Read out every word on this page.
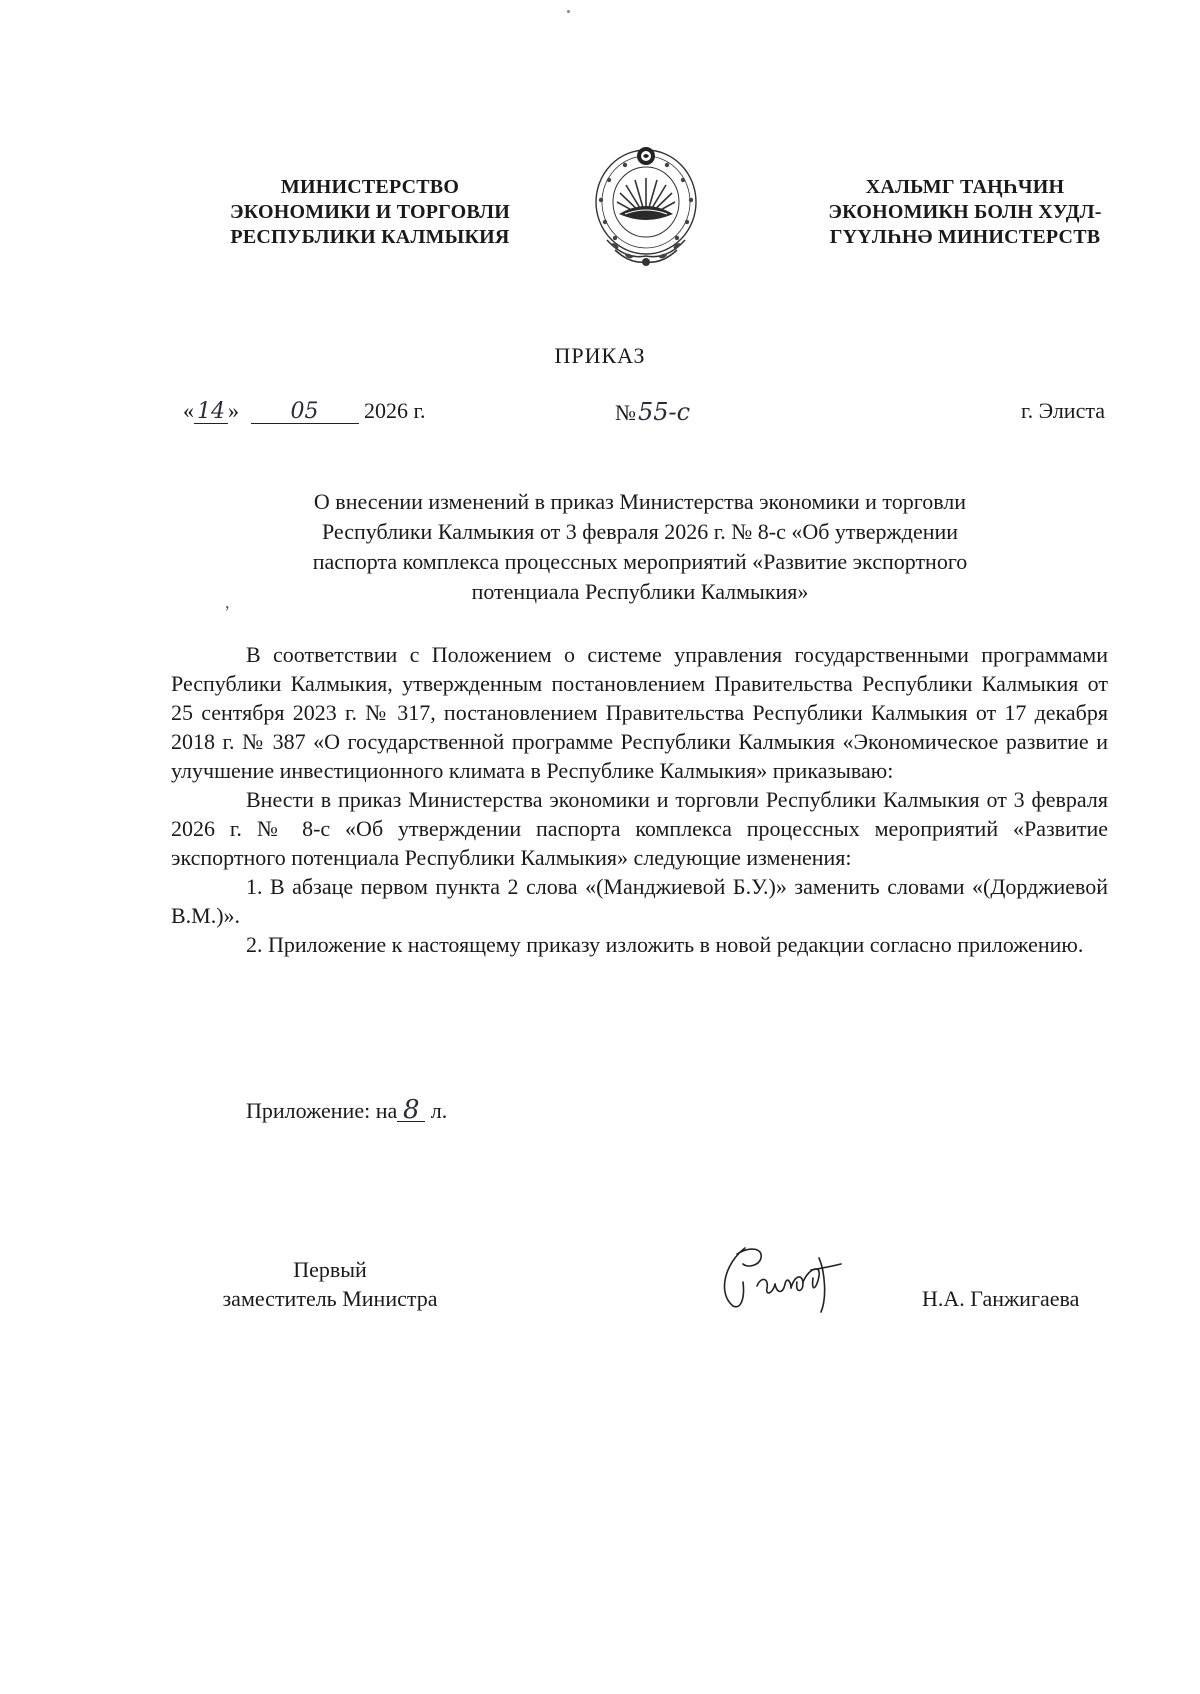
МИНИСТЕРСТВО
ЭКОНОМИКИ И ТОРГОВЛИ
РЕСПУБЛИКИ КАЛМЫКИЯ
ХАЛЬМГ ТАҢҺЧИН
ЭКОНОМИКН БОЛН ХУДЛ-
ГҮҮЛҺНӘ МИНИСТЕРСТВ
ПРИКАЗ
« 14 » 05 2026 г.	№55-с	г. Элиста
О внесении изменений в приказ Министерства экономики и торговли
Республики Калмыкия от 3 февраля 2026 г. № 8-с «Об утверждении
паспорта комплекса процессных мероприятий «Развитие экспортного
потенциала Республики Калмыкия»
,

В соответствии с Положением о системе управления государственными программами Республики Калмыкия, утвержденным постановлением Правительства Республики Калмыкия от 25 сентября 2023 г. № 317, постановлением Правительства Республики Калмыкия от 17 декабря 2018 г. № 387 «О государственной программе Республики Калмыкия «Экономическое развитие и улучшение инвестиционного климата в Республике Калмыкия» приказываю:

Внести в приказ Министерства экономики и торговли Республики Калмыкия от 3 февраля 2026 г. № 8-с «Об утверждении паспорта комплекса процессных мероприятий «Развитие экспортного потенциала Республики Калмыкия» следующие изменения:

1. В абзаце первом пункта 2 слова «(Манджиевой Б.У.)» заменить словами «(Дорджиевой В.М.)».

2. Приложение к настоящему приказу изложить в новой редакции согласно приложению.

Приложение: на 8 л.
Первый
заместитель Министра	Н.А. Ганжигаева
